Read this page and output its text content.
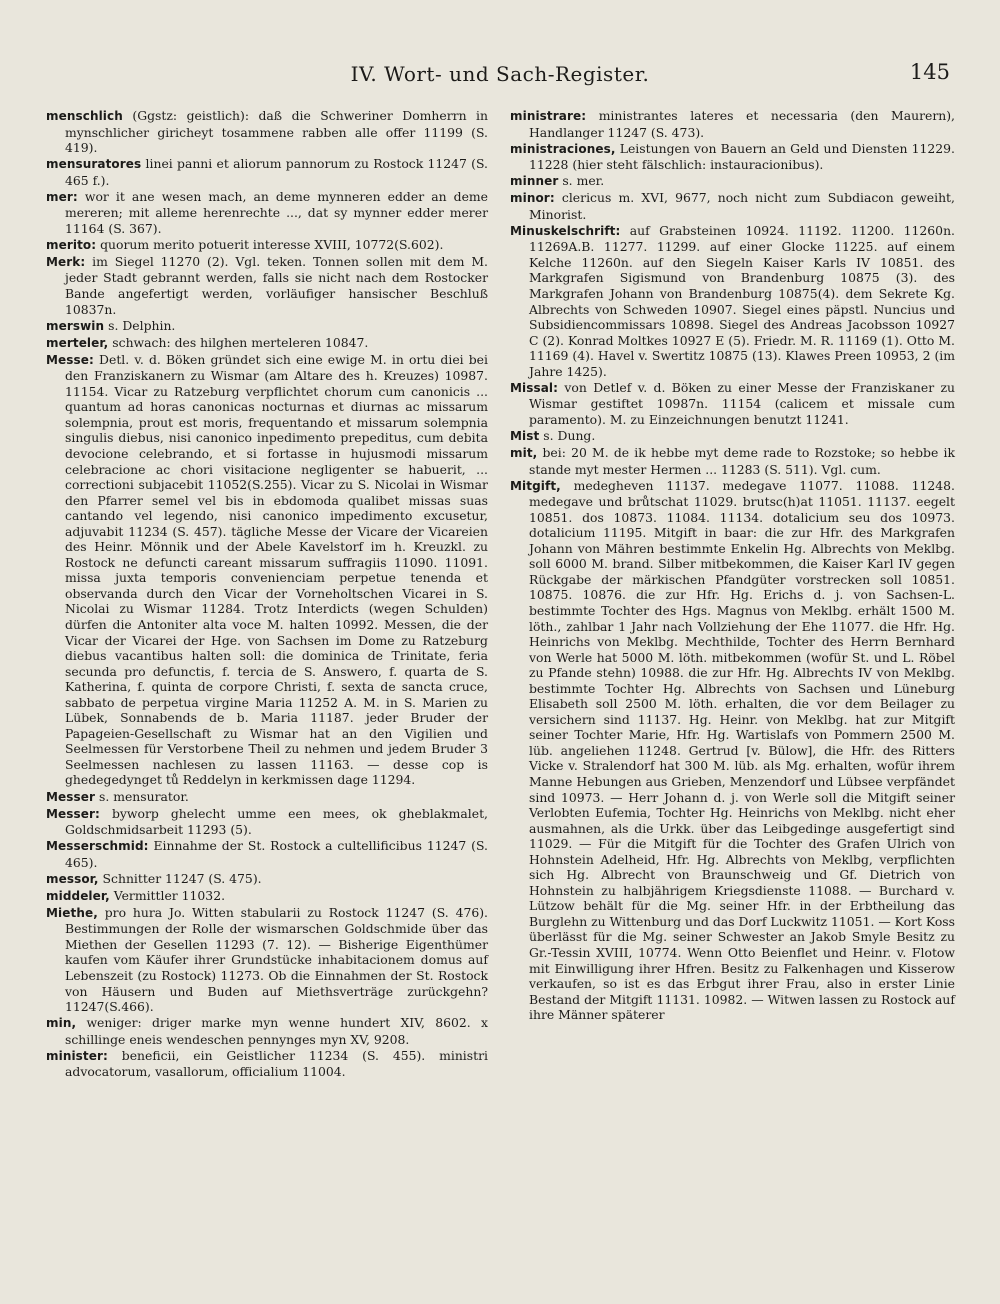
IV. Wort- und Sach-Register.	145
menschlich (Ggstz: geistlich): daß die Schweriner Domherrn in mynschlicher giricheyt tosammene rabben alle offer 11199 (S. 419).
mensuratores linei panni et aliorum pannorum zu Rostock 11247 (S. 465 f.).
mer: wor it ane wesen mach, an deme mynneren edder an deme mereren; mit alleme herenrechte ..., dat sy mynner edder merer 11164 (S. 367).
merito: quorum merito potuerit interesse XVIII, 10772(S.602).
Merk: im Siegel 11270 (2). Vgl. teken. Tonnen sollen mit dem M. jeder Stadt gebrannt werden, falls sie nicht nach dem Rostocker Bande angefertigt werden, vorläufiger hansischer Beschluß 10837n.
merswin s. Delphin.
merteler, schwach: des hilghen merteleren 10847.
Messe: Detl. v. d. Böken gründet sich eine ewige M. in ortu diei bei den Franziskanern zu Wismar (am Altare des h. Kreuzes) 10987. 11154. Vicar zu Ratzeburg verpflichtet chorum cum canonicis ... quantum ad horas canonicas nocturnas et diurnas ac missarum solempnia, prout est moris, frequentando et missarum solempnia singulis diebus, nisi canonico inpedimento prepeditus, cum debita devocione celebrando, et si fortasse in hujusmodi missarum celebracione ac chori visitacione negligenter se habuerit, ... correctioni subjacebit 11052(S.255). Vicar zu S. Nicolai in Wismar den Pfarrer semel vel bis in ebdomoda qualibet missas suas cantando vel legendo, nisi canonico impedimento excusetur, adjuvabit 11234 (S. 457). tägliche Messe der Vicare der Vicareien des Heinr. Mönnik und der Abele Kavelstorf im h. Kreuzkl. zu Rostock ne defuncti careant missarum suffragiis 11090. 11091. missa juxta temporis convenienciam perpetue tenenda et observanda durch den Vicar der Vorneholtschen Vicarei in S. Nicolai zu Wismar 11284. Trotz Interdicts (wegen Schulden) dürfen die Antoniter alta voce M. halten 10992. Messen, die der Vicar der Vicarei der Hge. von Sachsen im Dome zu Ratzeburg diebus vacantibus halten soll: die dominica de Trinitate, feria secunda pro defunctis, f. tercia de S. Answero, f. quarta de S. Katherina, f. quinta de corpore Christi, f. sexta de sancta cruce, sabbato de perpetua virgine Maria 11252 A. M. in S. Marien zu Lübek, Sonnabends de b. Maria 11187. jeder Bruder der Papageien-Gesellschaft zu Wismar hat an den Vigilien und Seelmessen für Verstorbene Theil zu nehmen und jedem Bruder 3 Seelmessen nachlesen zu lassen 11163. — desse cop is ghedegedynget tů Reddelyn in kerkmissen dage 11294.
Messer s. mensurator.
Messer: byworp ghelecht umme een mees, ok gheblakmalet, Goldschmidsarbeit 11293 (5).
Messerschmid: Einnahme der St. Rostock a cultellificibus 11247 (S. 465).
messor, Schnitter 11247 (S. 475).
middeler, Vermittler 11032.
Miethe, pro hura Jo. Witten stabularii zu Rostock 11247 (S. 476). Bestimmungen der Rolle der wismarschen Goldschmide über das Miethen der Gesellen 11293 (7. 12). — Bisherige Eigenthümer kaufen vom Käufer ihrer Grundstücke inhabitacionem domus auf Lebenszeit (zu Rostock) 11273. Ob die Einnahmen der St. Rostock von Häusern und Buden auf Miethsverträge zurückgehn? 11247(S.466).
min, weniger: driger marke myn wenne hundert XIV, 8602. x schillinge eneis wendeschen pennynges myn XV, 9208.
minister: beneficii, ein Geistlicher 11234 (S. 455). ministri advocatorum, vasallorum, officialium 11004.
ministrare: ministrantes lateres et necessaria (den Maurern), Handlanger 11247 (S. 473).
ministraciones, Leistungen von Bauern an Geld und Diensten 11229. 11228 (hier steht fälschlich: instauracionibus).
minner s. mer.
minor: clericus m. XVI, 9677, noch nicht zum Subdiacon geweiht, Minorist.
Minuskelschrift: auf Grabsteinen 10924. 11192. 11200. 11260n. 11269A.B. 11277. 11299. auf einer Glocke 11225. auf einem Kelche 11260n. auf den Siegeln Kaiser Karls IV 10851. des Markgrafen Sigismund von Brandenburg 10875 (3). des Markgrafen Johann von Brandenburg 10875(4). dem Sekrete Kg. Albrechts von Schweden 10907. Siegel eines päpstl. Nuncius und Subsidiencommissars 10898. Siegel des Andreas Jacobsson 10927 C (2). Konrad Moltkes 10927 E (5). Friedr. M. R. 11169 (1). Otto M. 11169 (4). Havel v. Swertitz 10875 (13). Klawes Preen 10953, 2 (im Jahre 1425).
Missal: von Detlef v. d. Böken zu einer Messe der Franziskaner zu Wismar gestiftet 10987n. 11154 (calicem et missale cum paramento). M. zu Einzeichnungen benutzt 11241.
Mist s. Dung.
mit, bei: 20 M. de ik hebbe myt deme rade to Rozstoke; so hebbe ik stande myt mester Hermen ... 11283 (S. 511). Vgl. cum.
Mitgift, medegheven 11137. medegave 11077. 11088. 11248. medegave und brůtschat 11029. brutsc(h)at 11051. 11137. eegelt 10851. dos 10873. 11084. 11134. dotalicium seu dos 10973. dotalicium 11195. Mitgift in baar: die zur Hfr. des Markgrafen Johann von Mähren bestimmte Enkelin Hg. Albrechts von Meklbg. soll 6000 M. brand. Silber mitbekommen, die Kaiser Karl IV gegen Rückgabe der märkischen Pfandgüter vorstrecken soll 10851. 10875. 10876. die zur Hfr. Hg. Erichs d. j. von Sachsen-L. bestimmte Tochter des Hgs. Magnus von Meklbg. erhält 1500 M. löth., zahlbar 1 Jahr nach Vollziehung der Ehe 11077. die Hfr. Hg. Heinrichs von Meklbg. Mechthilde, Tochter des Herrn Bernhard von Werle hat 5000 M. löth. mitbekommen (wofür St. und L. Röbel zu Pfande stehn) 10988. die zur Hfr. Hg. Albrechts IV von Meklbg. bestimmte Tochter Hg. Albrechts von Sachsen und Lüneburg Elisabeth soll 2500 M. löth. erhalten, die vor dem Beilager zu versichern sind 11137. Hg. Heinr. von Meklbg. hat zur Mitgift seiner Tochter Marie, Hfr. Hg. Wartislafs von Pommern 2500 M. lüb. angeliehen 11248. Gertrud [v. Bülow], die Hfr. des Ritters Vicke v. Stralendorf hat 300 M. lüb. als Mg. erhalten, wofür ihrem Manne Hebungen aus Grieben, Menzendorf und Lübsee verpfändet sind 10973. — Herr Johann d. j. von Werle soll die Mitgift seiner Verlobten Eufemia, Tochter Hg. Heinrichs von Meklbg. nicht eher ausmahnen, als die Urkk. über das Leibgedinge ausgefertigt sind 11029. — Für die Mitgift für die Tochter des Grafen Ulrich von Hohnstein Adelheid, Hfr. Hg. Albrechts von Meklbg, verpflichten sich Hg. Albrecht von Braunschweig und Gf. Dietrich von Hohnstein zu halbjährigem Kriegsdienste 11088. — Burchard v. Lützow behält für die Mg. seiner Hfr. in der Erbtheilung das Burglehn zu Wittenburg und das Dorf Luckwitz 11051. — Kort Koss überlässt für die Mg. seiner Schwester an Jakob Smyle Besitz zu Gr.-Tessin XVIII, 10774. Wenn Otto Beienflet und Heinr. v. Flotow mit Einwilligung ihrer Hfren. Besitz zu Falkenhagen und Kisserow verkaufen, so ist es das Erbgut ihrer Frau, also in erster Linie Bestand der Mitgift 11131. 10982. — Witwen lassen zu Rostock auf ihre Männer späterer
